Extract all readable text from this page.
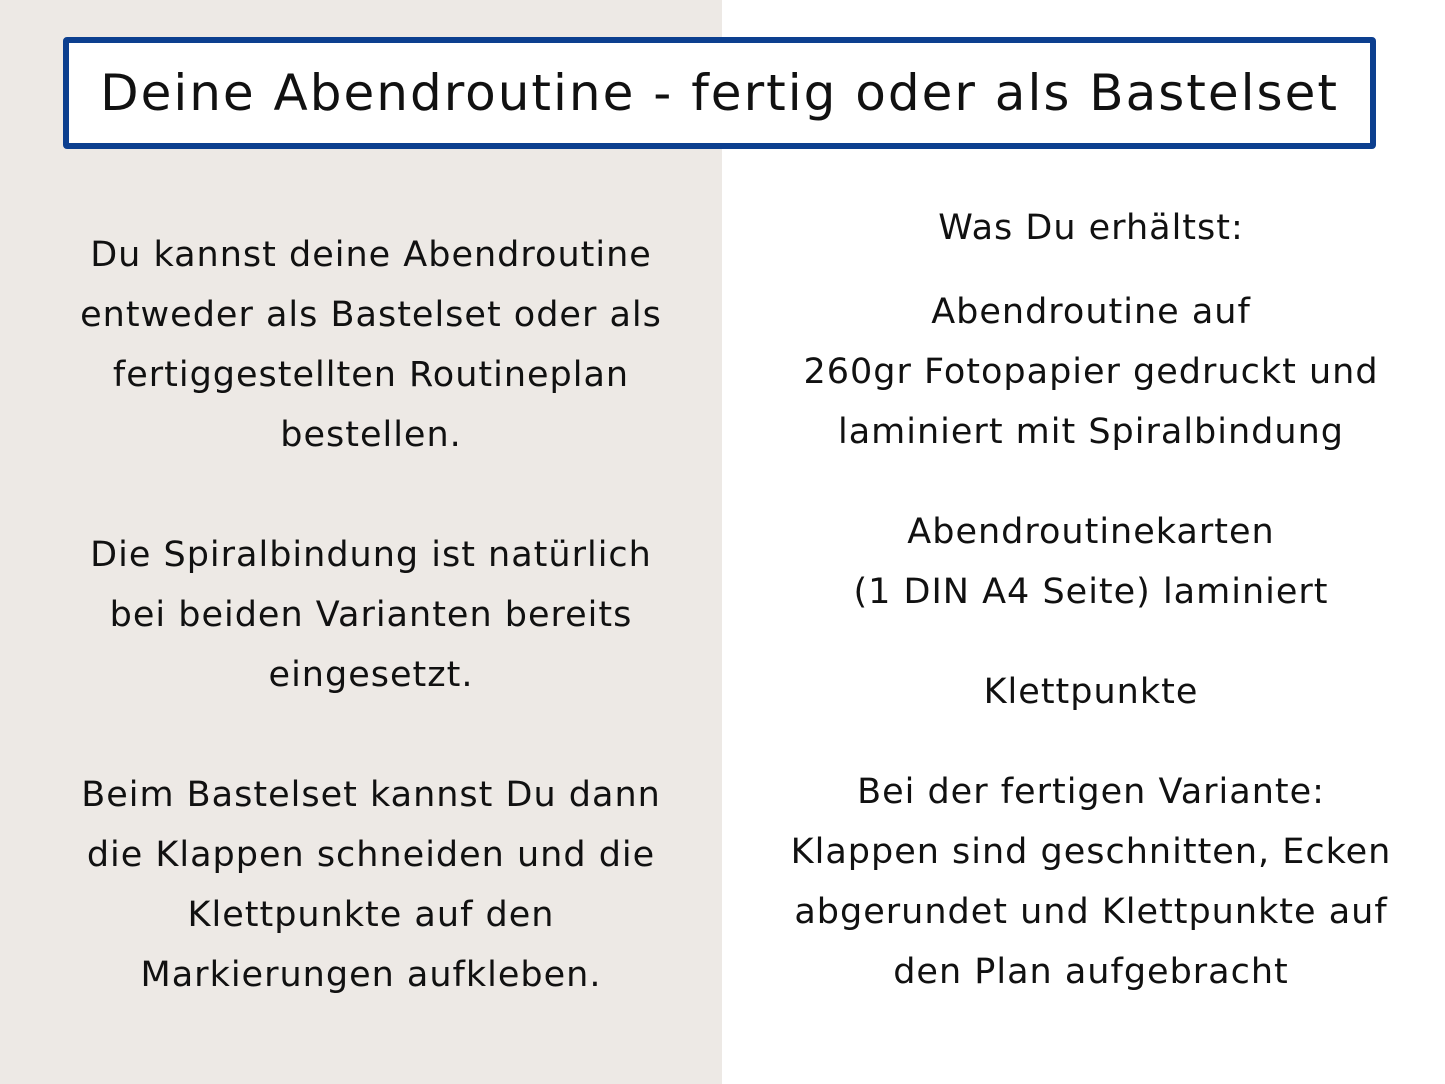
Deine Abendroutine - fertig oder als Bastelset

Du kannst deine Abendroutine
entweder als Bastelset oder als
fertiggestellten Routineplan
bestellen.

Die Spiralbindung ist natürlich
bei beiden Varianten bereits
eingesetzt.

Beim Bastelset kannst Du dann
die Klappen schneiden und die
Klettpunkte auf den
Markierungen aufkleben.

Was Du erhältst:

Abendroutine auf
260gr Fotopapier gedruckt und
laminiert mit Spiralbindung

Abendroutinekarten
(1 DIN A4 Seite) laminiert

Klettpunkte

Bei der fertigen Variante:
Klappen sind geschnitten, Ecken
abgerundet und Klettpunkte auf
den Plan aufgebracht
